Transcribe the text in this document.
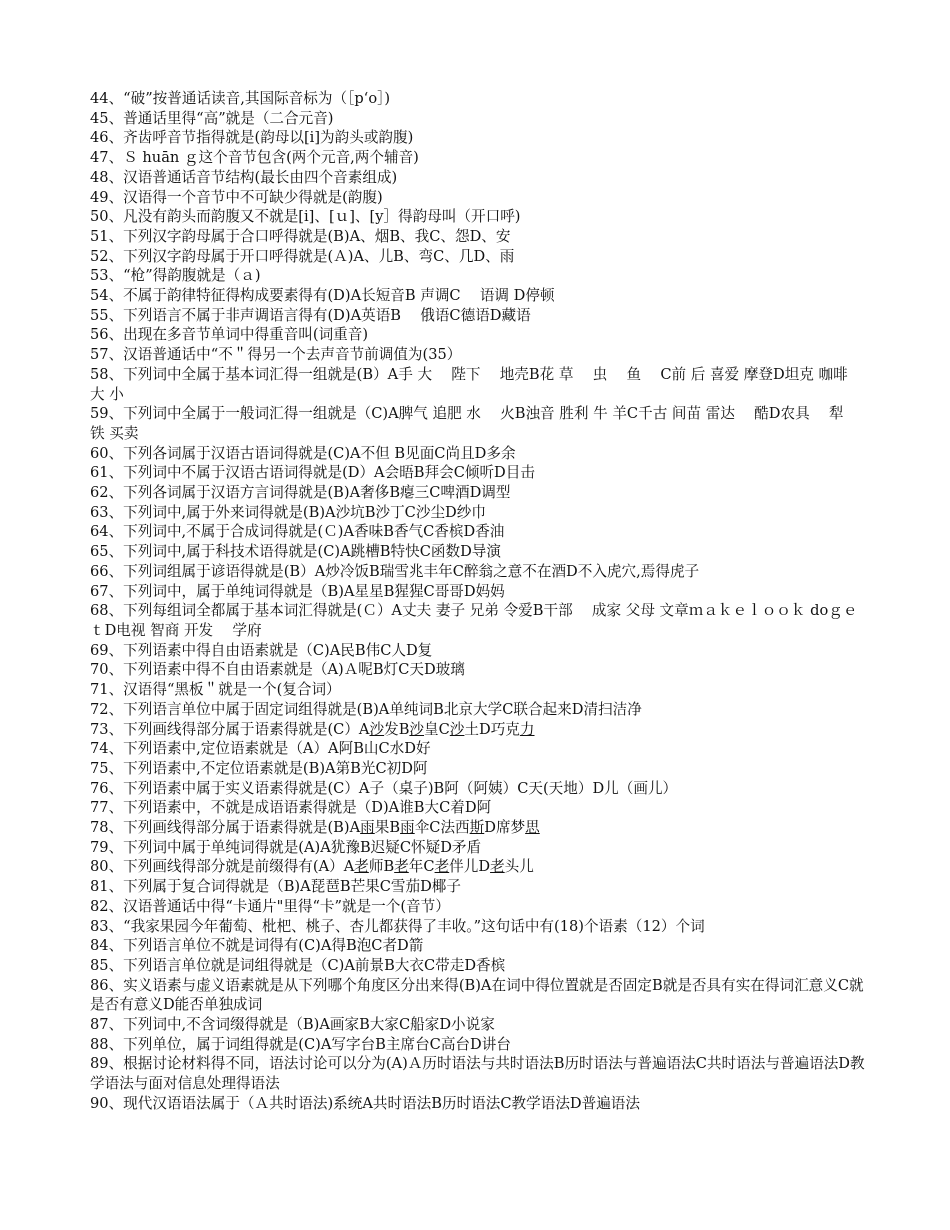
44、“破”按普通话读音,其国际音标为（［pʻo］)

45、普通话里得“高”就是（二合元音)

46、齐齿呼音节指得就是(韵母以[i]为韵头或韵腹)

47、Ｓ huān ｇ这个音节包含(两个元音,两个辅音)

48、汉语普通话音节结构(最长由四个音素组成)

49、汉语得一个音节中不可缺少得就是(韵腹)

50、凡没有韵头而韵腹又不就是[i]、[ｕ]、[y］得韵母叫（开口呼)

51、下列汉字韵母属于合口呼得就是(B)A、烟B、我C、怨D、安

52、下列汉字韵母属于开口呼得就是(Ａ)A、儿B、弯C、几D、雨

53、“枪”得韵腹就是（ａ)

54、不属于韵律特征得构成要素得有(D)A长短音B 声调C　 语调 D停顿

55、下列语言不属于非声调语言得有(D)A英语B　 俄语C德语D藏语

56、出现在多音节单词中得重音叫(词重音)

57、汉语普通话中“不＂得另一个去声音节前调值为(35）

58、下列词中全属于基本词汇得一组就是(B）A手 大　 陛下　 地壳B花 草　 虫　 鱼　 C前 后 喜爱 摩登D坦克 咖啡 大 小

59、下列词中全属于一般词汇得一组就是（C)A脾气 追肥 水　 火B浊音 胜利 牛 羊C千古 间苗 雷达　 酷D农具　 犁　 铁 买卖

60、下列各词属于汉语古语词得就是(C)A不但 B见面C尚且D多余

61、下列词中不属于汉语古语词得就是(D）A会晤B拜会C倾听D目击

62、下列各词属于汉语方言词得就是(B)A奢侈B瘪三C啤酒D调型

63、下列词中,属于外来词得就是(B)A沙坑B沙丁C沙尘D纱巾

64、下列词中,不属于合成词得就是(Ｃ)A香味B香气C香槟D香油

65、下列词中,属于科技术语得就是(C)A跳槽B特快C函数D导演

66、下列词组属于谚语得就是(B）A炒冷饭B瑞雪兆丰年C醉翁之意不在酒D不入虎穴,焉得虎子

67、下列词中，属于单纯词得就是（B)A星星B猩猩C哥哥D妈妈

68、下列每组词全都属于基本词汇得就是(Ｃ）A丈夫 妻子 兄弟 令爱B干部　 成家 父母 文章ｍａｋｅｌｏｏｋ doｇｅｔD电视 智商 开发　 学府

69、下列语素中得自由语素就是（C)A民B伟C人D复

70、下列语素中得不自由语素就是（A)Ａ呢B灯C天D玻璃

71、汉语得“黑板＂就是一个(复合词）

72、下列语言单位中属于固定词组得就是(B)A单纯词B北京大学C联合起来D清扫洁净

73、下列画线得部分属于语素得就是(C）A沙发B沙皇C沙土D巧克力

74、下列语素中,定位语素就是（A）A阿B山C水D好

75、下列语素中,不定位语素就是(B)A第B光C初D阿

76、下列语素中属于实义语素得就是(C）A子（桌子)B阿（阿姨）C天(天地）D儿（画儿）

77、下列语素中，不就是成语语素得就是（D)A谁B大C着D阿

78、下列画线得部分属于语素得就是(B)A雨果B雨伞C法西斯D席梦思

79、下列词中属于单纯词得就是(A)A犹豫B迟疑C怀疑D矛盾

80、下列画线得部分就是前缀得有(A）A老师B老年C老伴儿D老头儿

81、下列属于复合词得就是（B)A琵琶B芒果C雪茄D椰子

82、汉语普通话中得“卡通片"里得“卡”就是一个(音节）

83、“我家果园今年葡萄、枇杷、桃子、杏儿都获得了丰收。”这句话中有(18)个语素（12）个词

84、下列语言单位不就是词得有(C)A得B泡C者D箭

85、下列语言单位就是词组得就是（C)A前景B大衣C带走D香槟

86、实义语素与虚义语素就是从下列哪个角度区分出来得(B)A在词中得位置就是否固定B就是否具有实在得词汇意义C就是否有意义D能否单独成词

87、下列词中,不含词缀得就是（B)A画家B大家C船家D小说家

88、下列单位，属于词组得就是(C)A写字台B主席台C高台D讲台

89、根据讨论材料得不同，语法讨论可以分为(A)Ａ历时语法与共时语法B历时语法与普遍语法C共时语法与普遍语法D教学语法与面对信息处理得语法

90、现代汉语语法属于（Ａ共时语法)系统A共时语法B历时语法C教学语法D普遍语法
